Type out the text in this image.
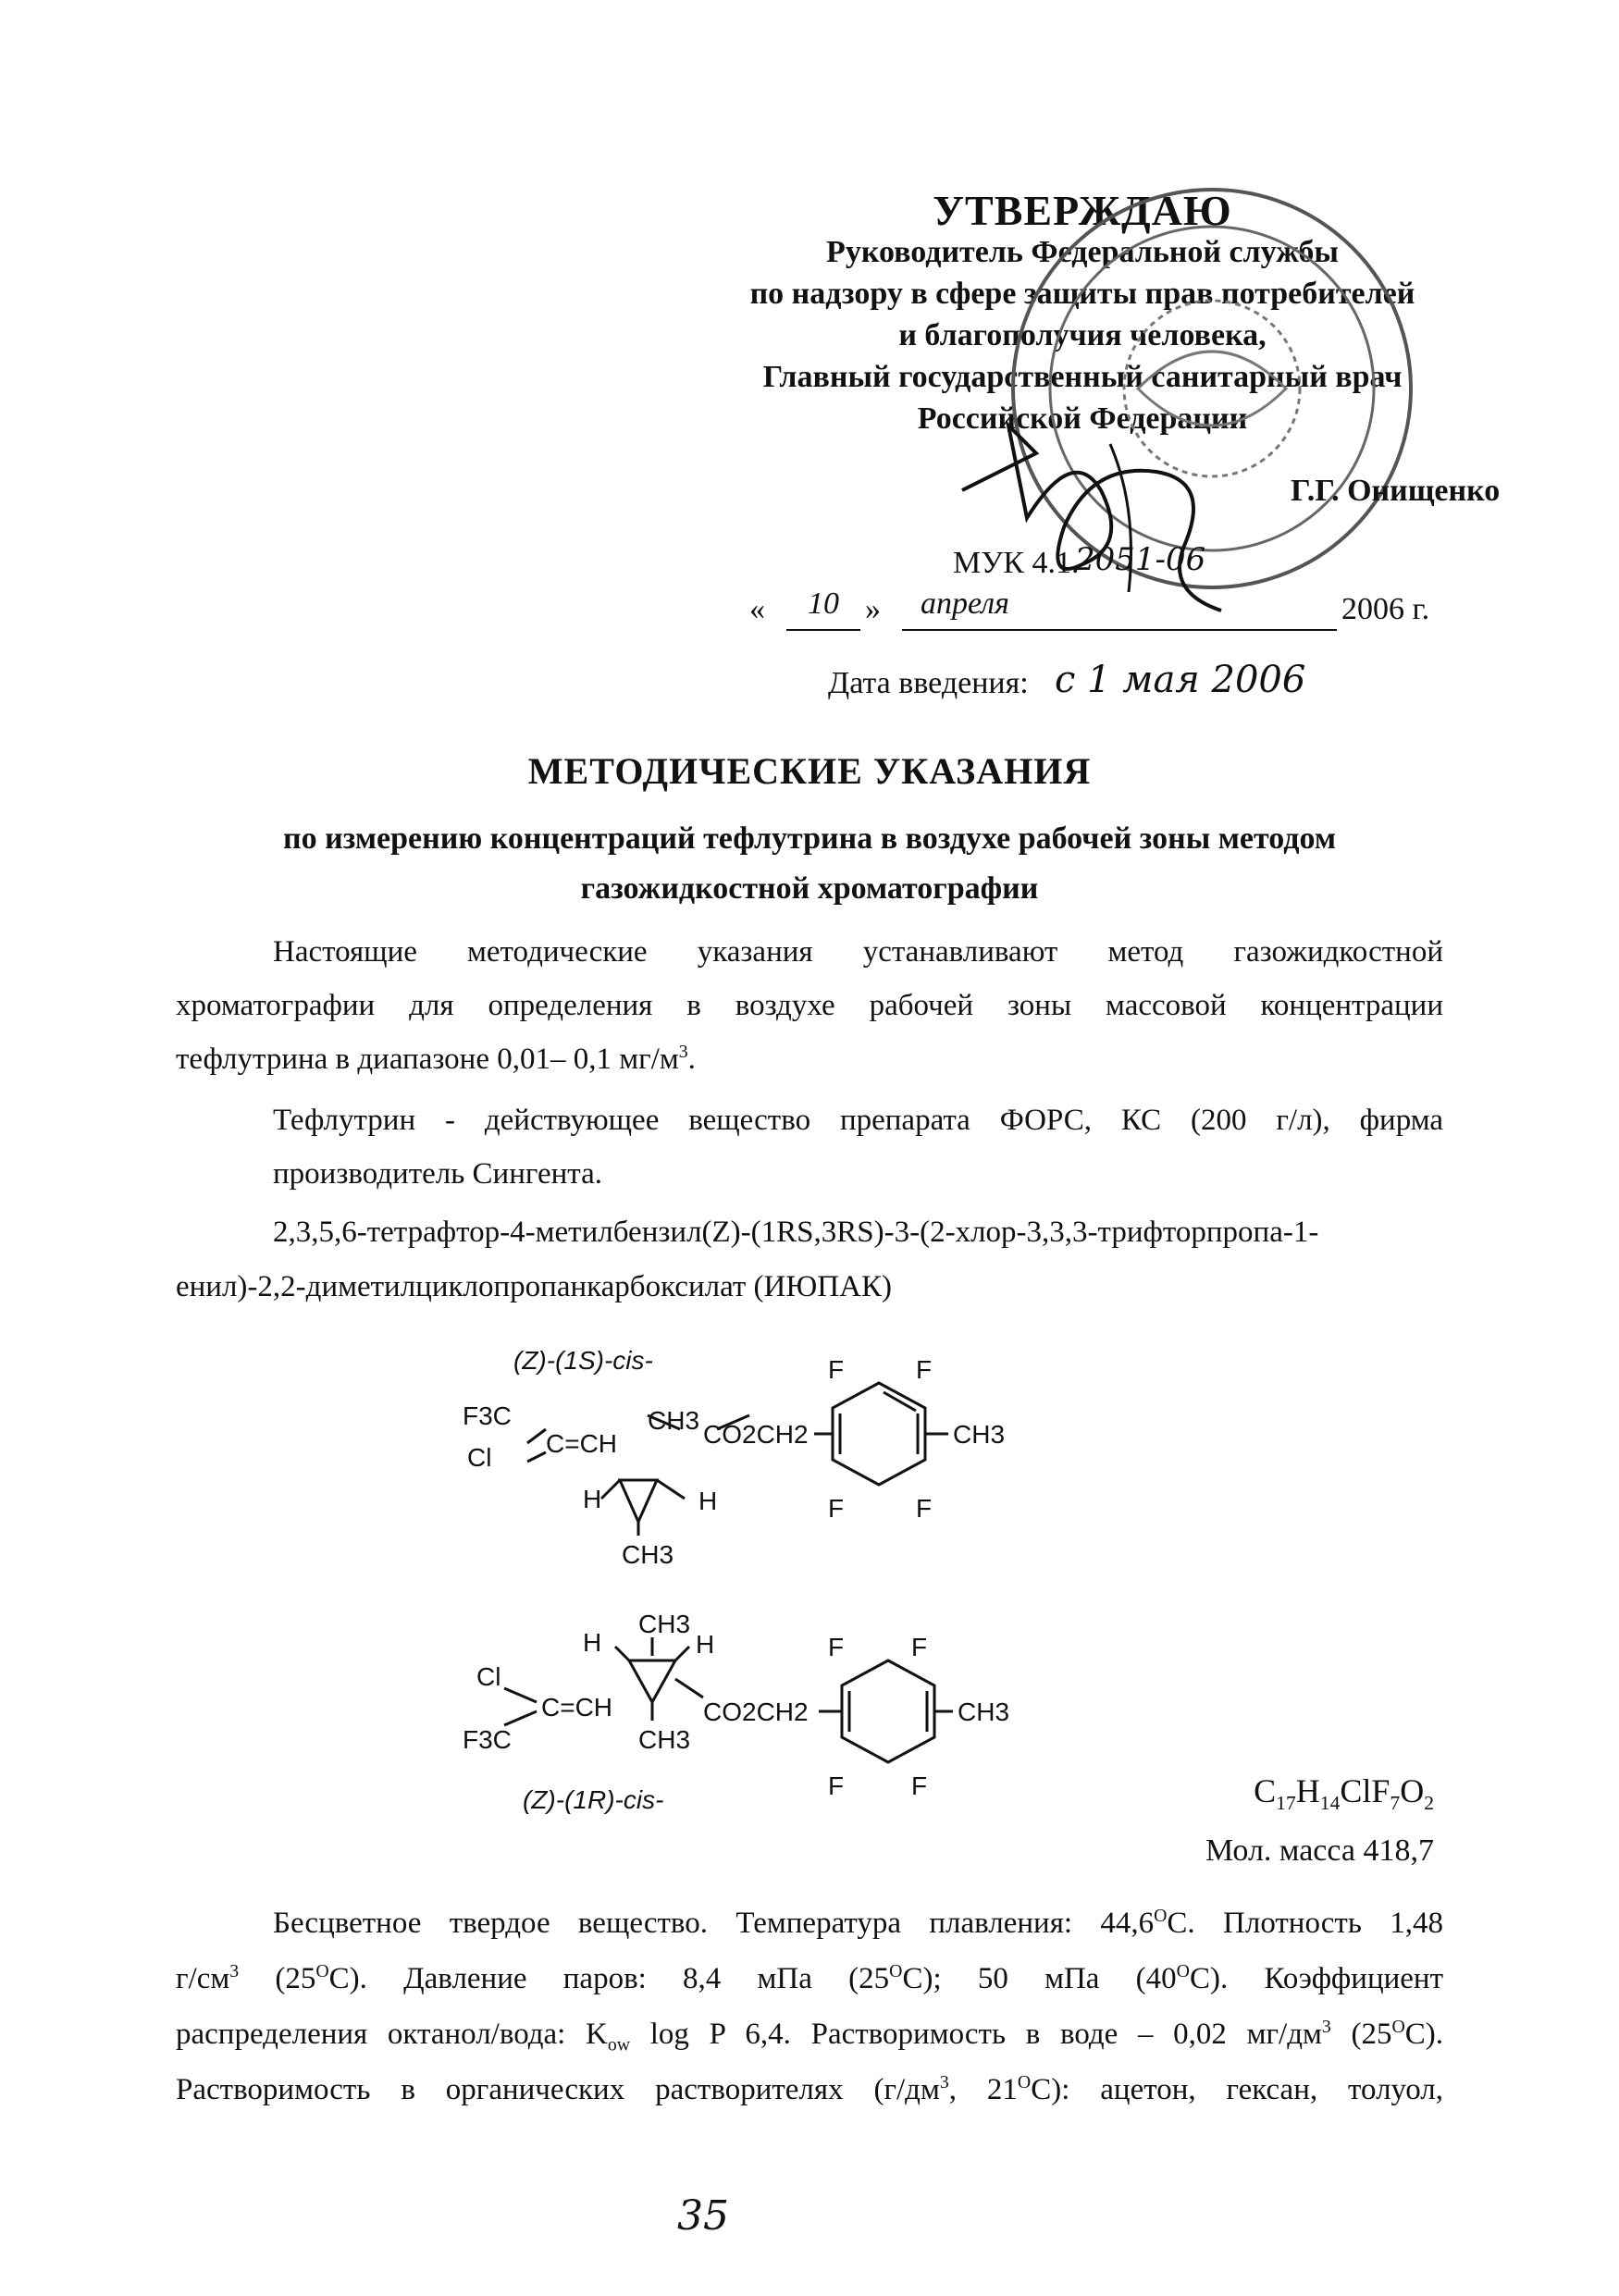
УТВЕРЖДАЮ
Руководитель Федеральной службы
по надзору в сфере защиты прав потребителей
и благополучия человека,
Главный государственный санитарный врач
Российской Федерации
Г.Г. Онищенко
МУК 4.1.
2051-06
«	10 »	апреля	2006 г.
Дата введения: с 1 мая 2006
МЕТОДИЧЕСКИЕ УКАЗАНИЯ
по измерению концентраций тефлутрина в воздухе рабочей зоны методом
газожидкостной хроматографии
Настоящие методические указания устанавливают метод газожидкостной
хроматографии для определения в воздухе рабочей зоны массовой концентрации
тефлутрина в диапазоне 0,01– 0,1 $мг/м^3$.
Тефлутрин - действующее вещество препарата ФОРС, КС (200 г/л), фирма
производитель Сингента.
2,3,5,6-тетрафтор-4-метилбензил(Z)-(1RS,3RS)-3-(2-хлор-3,3,3-трифторпропа-1-
енил)-2,2-диметилциклопропанкарбоксилат (ИЮПАК)
(Z)-(1S)-cis-
F3C
Cl C=CH
CH3
H	H
CH3
CO2CH2
F	F
F	F
CH3
H
CH3
H
Cl
C=CH
F3C	CH3
CO2CH2
F	F
F	F
CH3
(Z)-(1R)-cis-	$C_{17}H_{14}ClF_7O_2$
Мол. масса 418,7
Бесцветное твердое вещество. Температура плавления: $44,6^ОС$. Плотность 1,48
$г/см^3$ $(25^ОС)$. Давление паров: 8,4 мПа $(25^ОС)$; 50 мПа $(40^ОС)$. Коэффициент
распределения октанол/вода: $K_{ow}$ log P 6,4. Растворимость в воде – 0,02 $мг/дм^3$ $(25^ОС)$.
Растворимость в органических растворителях ($г/дм^3$, $21^ОС$): ацетон, гексан, толуол,
35
